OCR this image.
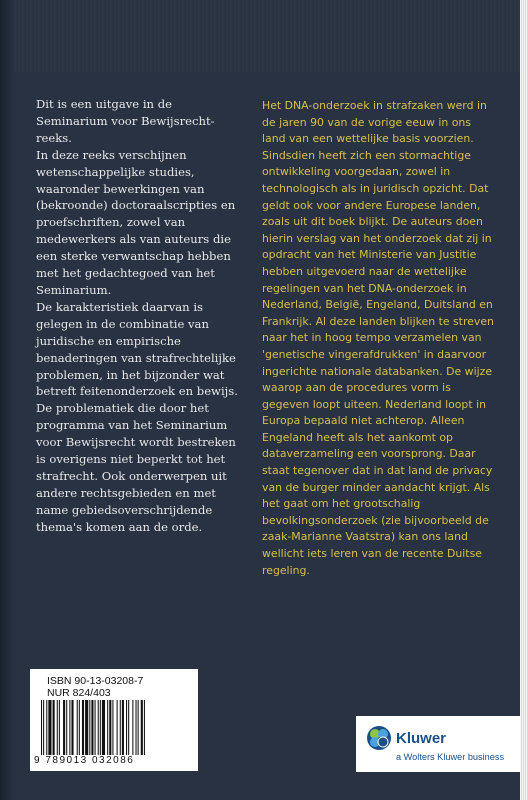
Dit is een uitgave in de Seminarium voor Bewijsrecht-reeks.

In deze reeks verschijnen wetenschappelijke studies, waaronder bewerkingen van (bekroonde) doctoraalscripties en proefschriften, zowel van medewerkers als van auteurs die een sterke verwantschap hebben met het gedachtegoed van het Seminarium.

De karakteristiek daarvan is gelegen in de combinatie van juridische en empirische benaderingen van strafrechtelijke problemen, in het bijzonder wat betreft feitenonderzoek en bewijs.

De problematiek die door het programma van het Seminarium voor Bewijsrecht wordt bestreken is overigens niet beperkt tot het strafrecht. Ook onderwerpen uit andere rechtsgebieden en met name gebiedsoverschrijdende thema's komen aan de orde.

Het DNA-onderzoek in strafzaken werd in de jaren 90 van de vorige eeuw in ons land van een wettelijke basis voorzien. Sindsdien heeft zich een stormachtige ontwikkeling voorgedaan, zowel in technologisch als in juridisch opzicht. Dat geldt ook voor andere Europese landen, zoals uit dit boek blijkt. De auteurs doen hierin verslag van het onderzoek dat zij in opdracht van het Ministerie van Justitie hebben uitgevoerd naar de wettelijke regelingen van het DNA-onderzoek in Nederland, België, Engeland, Duitsland en Frankrijk. Al deze landen blijken te streven naar het in hoog tempo verzamelen van 'genetische vingerafdrukken' in daarvoor ingerichte nationale databanken. De wijze waarop aan de procedures vorm is gegeven loopt uiteen. Nederland loopt in Europa bepaald niet achterop. Alleen Engeland heeft als het aankomt op dataverzameling een voorsprong. Daar staat tegenover dat in dat land de privacy van de burger minder aandacht krijgt. Als het gaat om het grootschalig bevolkingsonderzoek (zie bijvoorbeeld de zaak-Marianne Vaatstra) kan ons land wellicht iets leren van de recente Duitse regeling.

ISBN 90-13-03208-7
NUR 824/403
9 789013 032086
Kluwer
a Wolters Kluwer business
